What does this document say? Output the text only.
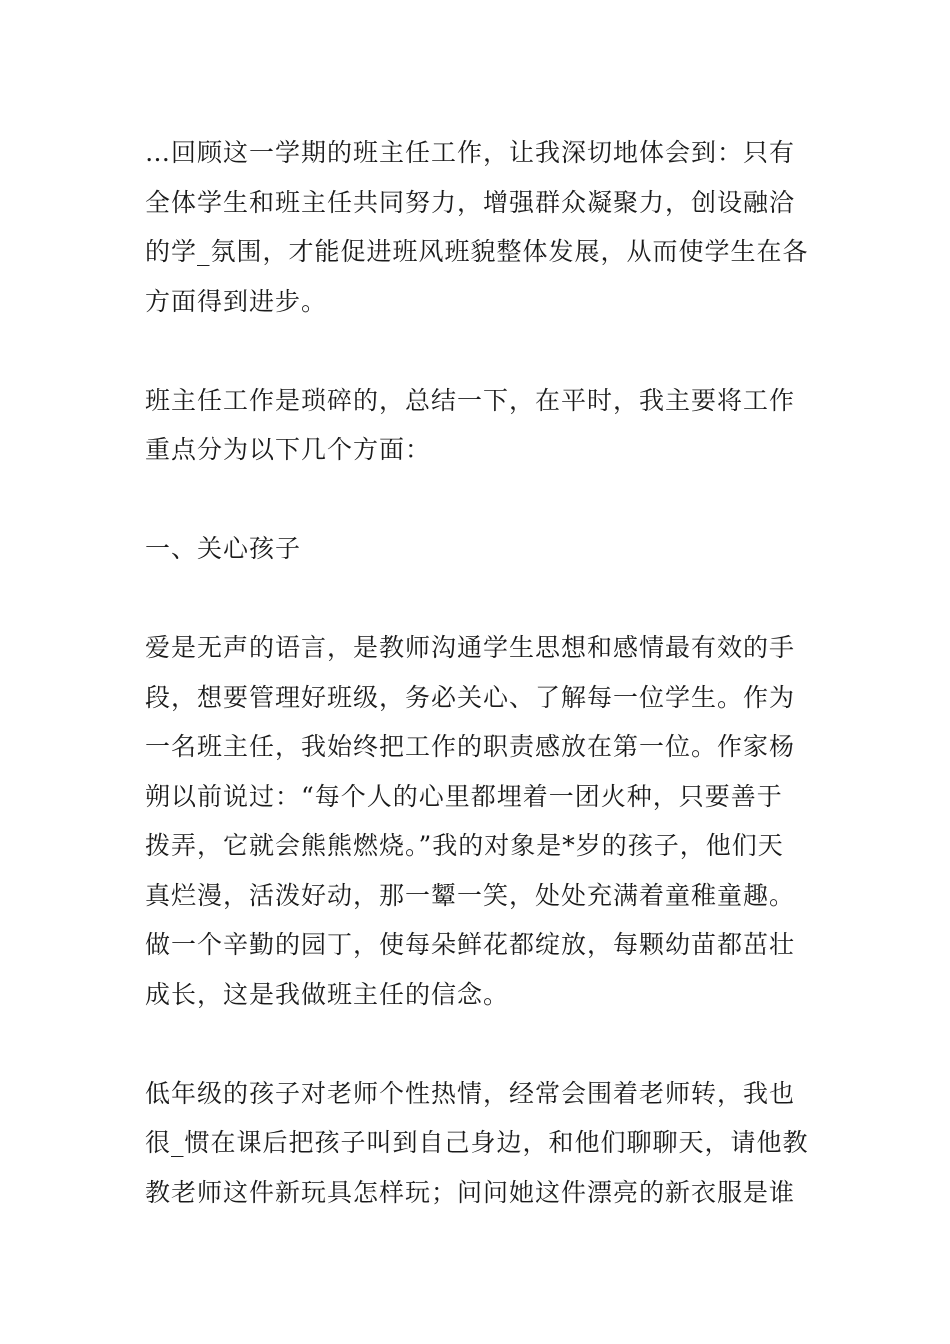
…回顾这一学期的班主任工作，让我深切地体会到：只有
全体学生和班主任共同努力，增强群众凝聚力，创设融洽
的学_氛围，才能促进班风班貌整体发展，从而使学生在各
方面得到进步。
班主任工作是琐碎的，总结一下，在平时，我主要将工作
重点分为以下几个方面：
一、关心孩子
爱是无声的语言，是教师沟通学生思想和感情最有效的手
段，想要管理好班级，务必关心、了解每一位学生。作为
一名班主任，我始终把工作的职责感放在第一位。作家杨
朔以前说过：“每个人的心里都埋着一团火种，只要善于
拨弄，它就会熊熊燃烧。”我的对象是*岁的孩子，他们天
真烂漫，活泼好动，那一颦一笑，处处充满着童稚童趣。
做一个辛勤的园丁，使每朵鲜花都绽放，每颗幼苗都茁壮
成长，这是我做班主任的信念。
低年级的孩子对老师个性热情，经常会围着老师转，我也
很_惯在课后把孩子叫到自己身边，和他们聊聊天，请他教
教老师这件新玩具怎样玩；问问她这件漂亮的新衣服是谁
